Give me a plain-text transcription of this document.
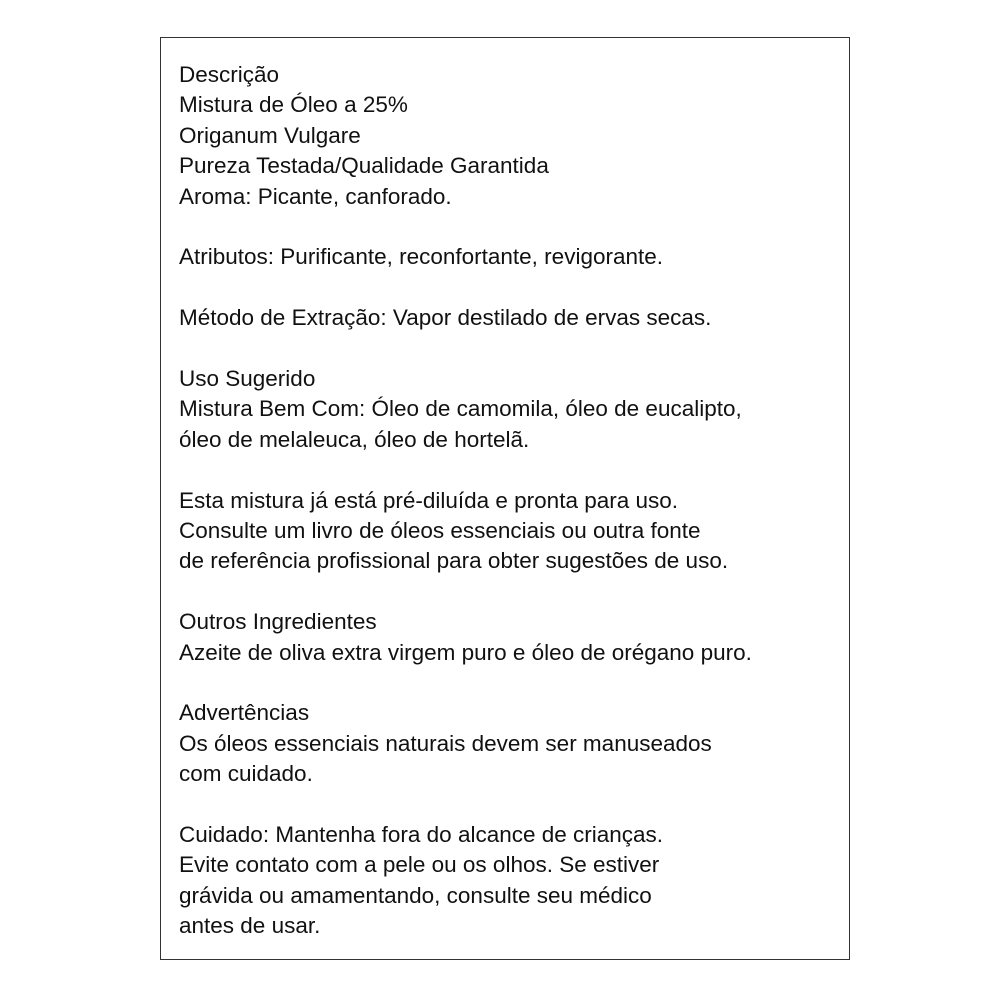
Descrição
Mistura de Óleo a 25%
Origanum Vulgare
Pureza Testada/Qualidade Garantida
Aroma: Picante, canforado.
Atributos: Purificante, reconfortante, revigorante.
Método de Extração: Vapor destilado de ervas secas.
Uso Sugerido
Mistura Bem Com: Óleo de camomila, óleo de eucalipto,
óleo de melaleuca, óleo de hortelã.
Esta mistura já está pré-diluída e pronta para uso.
Consulte um livro de óleos essenciais ou outra fonte
de referência profissional para obter sugestões de uso.
Outros Ingredientes
Azeite de oliva extra virgem puro e óleo de orégano puro.
Advertências
Os óleos essenciais naturais devem ser manuseados
com cuidado.
Cuidado: Mantenha fora do alcance de crianças.
Evite contato com a pele ou os olhos. Se estiver
grávida ou amamentando, consulte seu médico
antes de usar.
